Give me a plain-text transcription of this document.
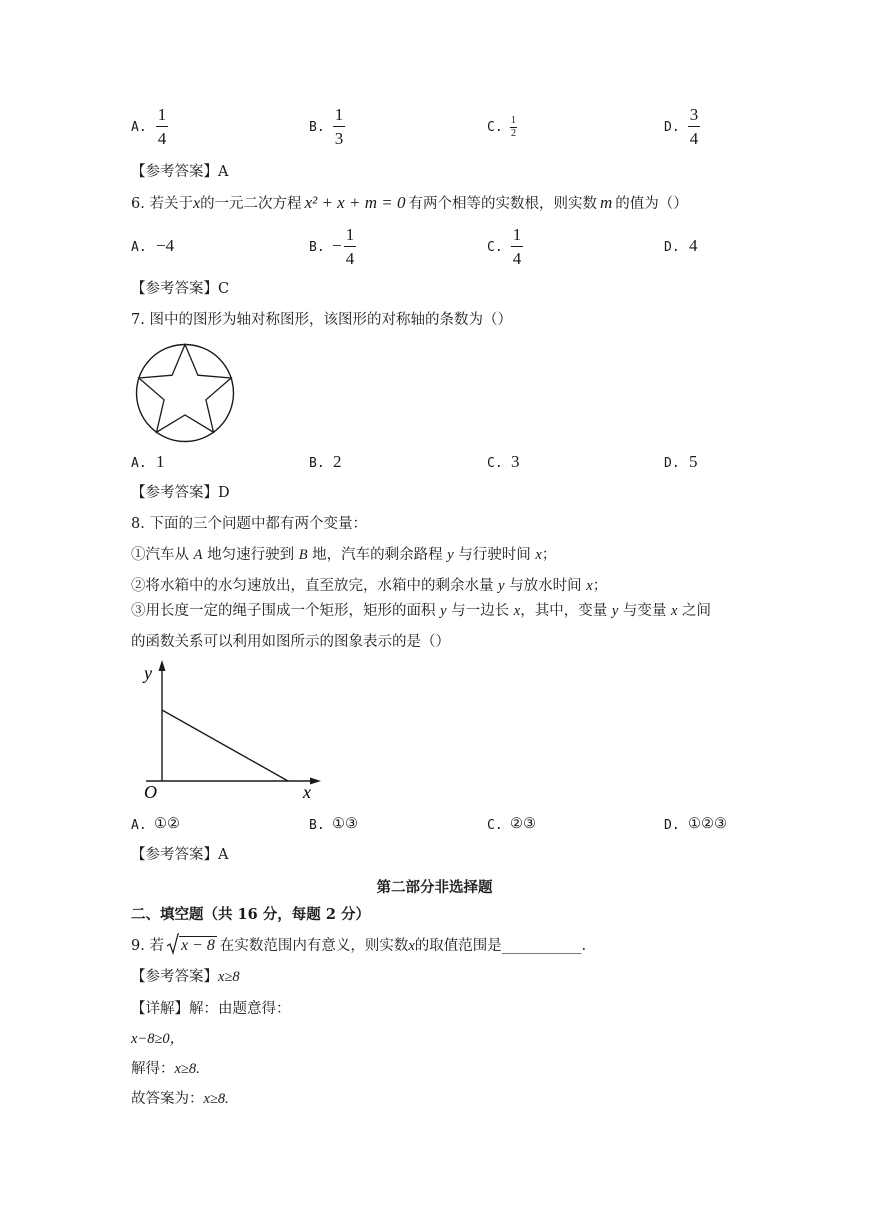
A.
1
4
B.
1
3
C. 1
2	D.
3
4
【参考答案】A
6. 若关于x的一元二次方程 x² + x + m = 0 有两个相等的实数根，则实数 m 的值为（）
A. −4	B. −
1
4
C.
1
4
D. 4
【参考答案】C
7. 图中的图形为轴对称图形，该图形的对称轴的条数为（）
A. 1	B. 2	C. 3	D. 5
【参考答案】D
8. 下面的三个问题中都有两个变量：
①汽车从 A 地匀速行驶到 B 地，汽车的剩余路程 y 与行驶时间 x；
②将水箱中的水匀速放出，直至放完，水箱中的剩余水量 y 与放水时间 x；
③用长度一定的绳子围成一个矩形，矩形的面积 y 与一边长 x，其中，变量 y 与变量 x 之间
的函数关系可以利用如图所示的图象表示的是（）
y
x
O
A. ①②	B. ①③	C. ②③	D. ①②③
【参考答案】A
第二部分非选择题
二、填空题（共 16 分，每题 2 分）
9. 若 x − 8 在实数范围内有意义，则实数x的取值范围是___________.
【参考答案】x≥8
【详解】解：由题意得：
x−8≥0，
解得：x≥8.
故答案为：x≥8.
